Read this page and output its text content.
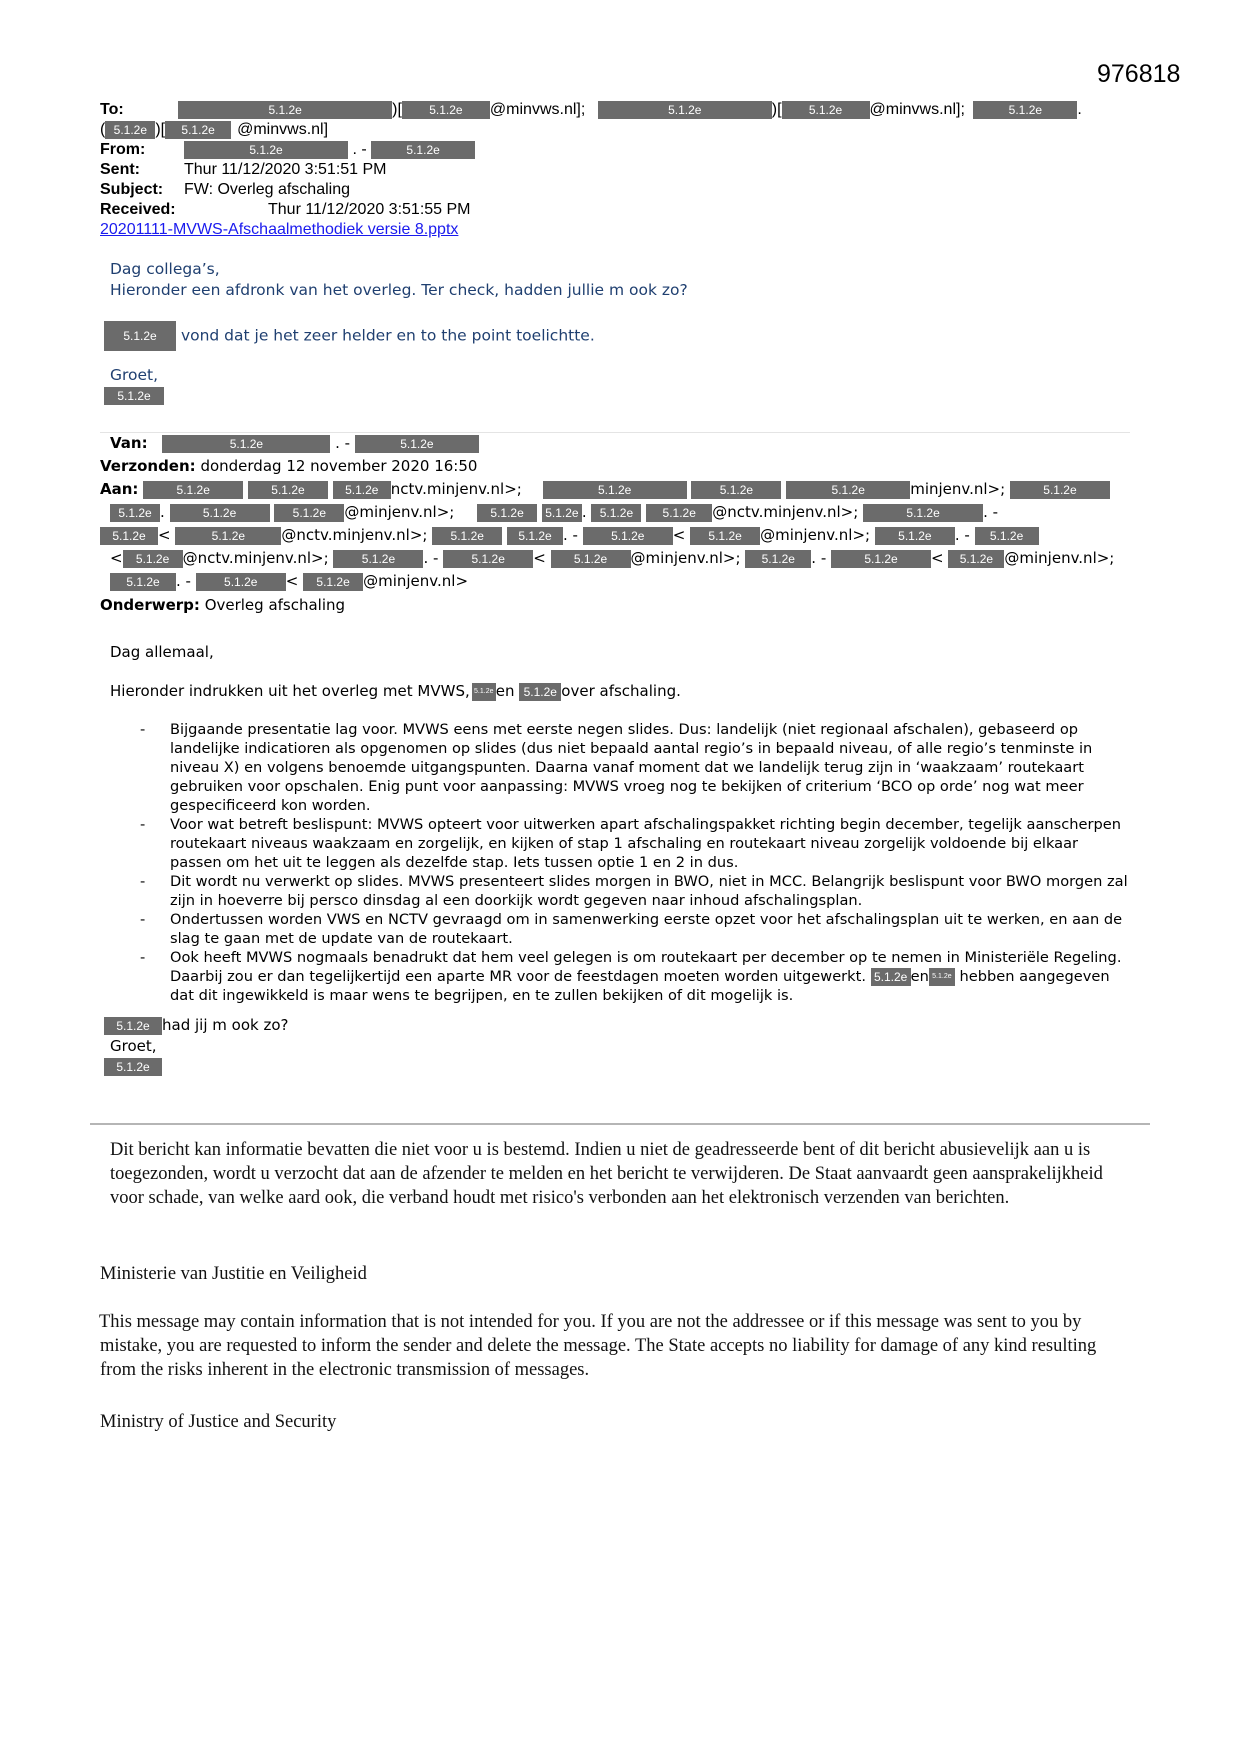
976818
To:	5.1.2e	)[ 5.1.2e @minvws.nl];	5.1.2e	)[ 5.1.2e @minvws.nl];	5.1.2e .
( 5.1.2e )[ 5.1.2e @minvws.nl]
From:	5.1.2e	. -	5.1.2e
Sent:	Thur 11/12/2020 3:51:51 PM
Subject: FW: Overleg afschaling
Received:	Thur 11/12/2020 3:51:55 PM
20201111-MVWS-Afschaalmethodiek versie 8.pptx
Dag collega’s,
Hieronder een afdronk van het overleg. Ter check, hadden jullie m ook zo?
5.1.2e vond dat je het zeer helder en to the point toelichtte.
Groet,
5.1.2e
Van:	5.1.2e	. -	5.1.2e
Verzonden: donderdag 12 november 2020 16:50
Aan:	5.1.2e	5.1.2e	5.1.2e nctv.minjenv.nl>;	5.1.2e	5.1.2e	5.1.2e	minjenv.nl>;	5.1.2e
5.1.2e .	5.1.2e	5.1.2e @minjenv.nl>;	5.1.2e 5.1.2e . 5.1.2e 5.1.2e @nctv.minjenv.nl>;	5.1.2e	. -
5.1.2e <	5.1.2e @nctv.minjenv.nl>; 5.1.2e	5.1.2e . -	5.1.2e < 5.1.2e @minjenv.nl>; 5.1.2e . - 5.1.2e
< 5.1.2e @nctv.minjenv.nl>;	5.1.2e . -	5.1.2e < 5.1.2e @minjenv.nl>; 5.1.2e . -	5.1.2e < 5.1.2e @minjenv.nl>;
5.1.2e . -	5.1.2e < 5.1.2e @minjenv.nl>
Onderwerp: Overleg afschaling
Dag allemaal,
Hieronder indrukken uit het overleg met MVWS, 5.1.2e en 5.1.2e over afschaling.
- Bijgaande presentatie lag voor. MVWS eens met eerste negen slides. Dus: landelijk (niet regionaal afschalen), gebaseerd op landelijke indicatioren als opgenomen op slides (dus niet bepaald aantal regio’s in bepaald niveau, of alle regio’s tenminste in niveau X) en volgens benoemde uitgangspunten. Daarna vanaf moment dat we landelijk terug zijn in ‘waakzaam’ routekaart gebruiken voor opschalen. Enig punt voor aanpassing: MVWS vroeg nog te bekijken of criterium ‘BCO op orde’ nog wat meer gespecificeerd kon worden.
- Voor wat betreft beslispunt: MVWS opteert voor uitwerken apart afschalingspakket richting begin december, tegelijk aanscherpen routekaart niveaus waakzaam en zorgelijk, en kijken of stap 1 afschaling en routekaart niveau zorgelijk voldoende bij elkaar passen om het uit te leggen als dezelfde stap. Iets tussen optie 1 en 2 in dus.
- Dit wordt nu verwerkt op slides. MVWS presenteert slides morgen in BWO, niet in MCC. Belangrijk beslispunt voor BWO morgen zal zijn in hoeverre bij persco dinsdag al een doorkijk wordt gegeven naar inhoud afschalingsplan.
- Ondertussen worden VWS en NCTV gevraagd om in samenwerking eerste opzet voor het afschalingsplan uit te werken, en aan de slag te gaan met de update van de routekaart.
- Ook heeft MVWS nogmaals benadrukt dat hem veel gelegen is om routekaart per december op te nemen in Ministeriële Regeling. Daarbij zou er dan tegelijkertijd een aparte MR voor de feestdagen moeten worden uitgewerkt. 5.1.2e en 5.1.2e hebben aangegeven dat dit ingewikkeld is maar wens te begrijpen, en te zullen bekijken of dit mogelijk is.
5.1.2e had jij m ook zo?
Groet,
5.1.2e
Dit bericht kan informatie bevatten die niet voor u is bestemd. Indien u niet de geadresseerde bent of dit bericht abusievelijk aan u is toegezonden, wordt u verzocht dat aan de afzender te melden en het bericht te verwijderen. De Staat aanvaardt geen aansprakelijkheid voor schade, van welke aard ook, die verband houdt met risico's verbonden aan het elektronisch verzenden van berichten.
Ministerie van Justitie en Veiligheid
This message may contain information that is not intended for you. If you are not the addressee or if this message was sent to you by mistake, you are requested to inform the sender and delete the message. The State accepts no liability for damage of any kind resulting from the risks inherent in the electronic transmission of messages.
Ministry of Justice and Security
